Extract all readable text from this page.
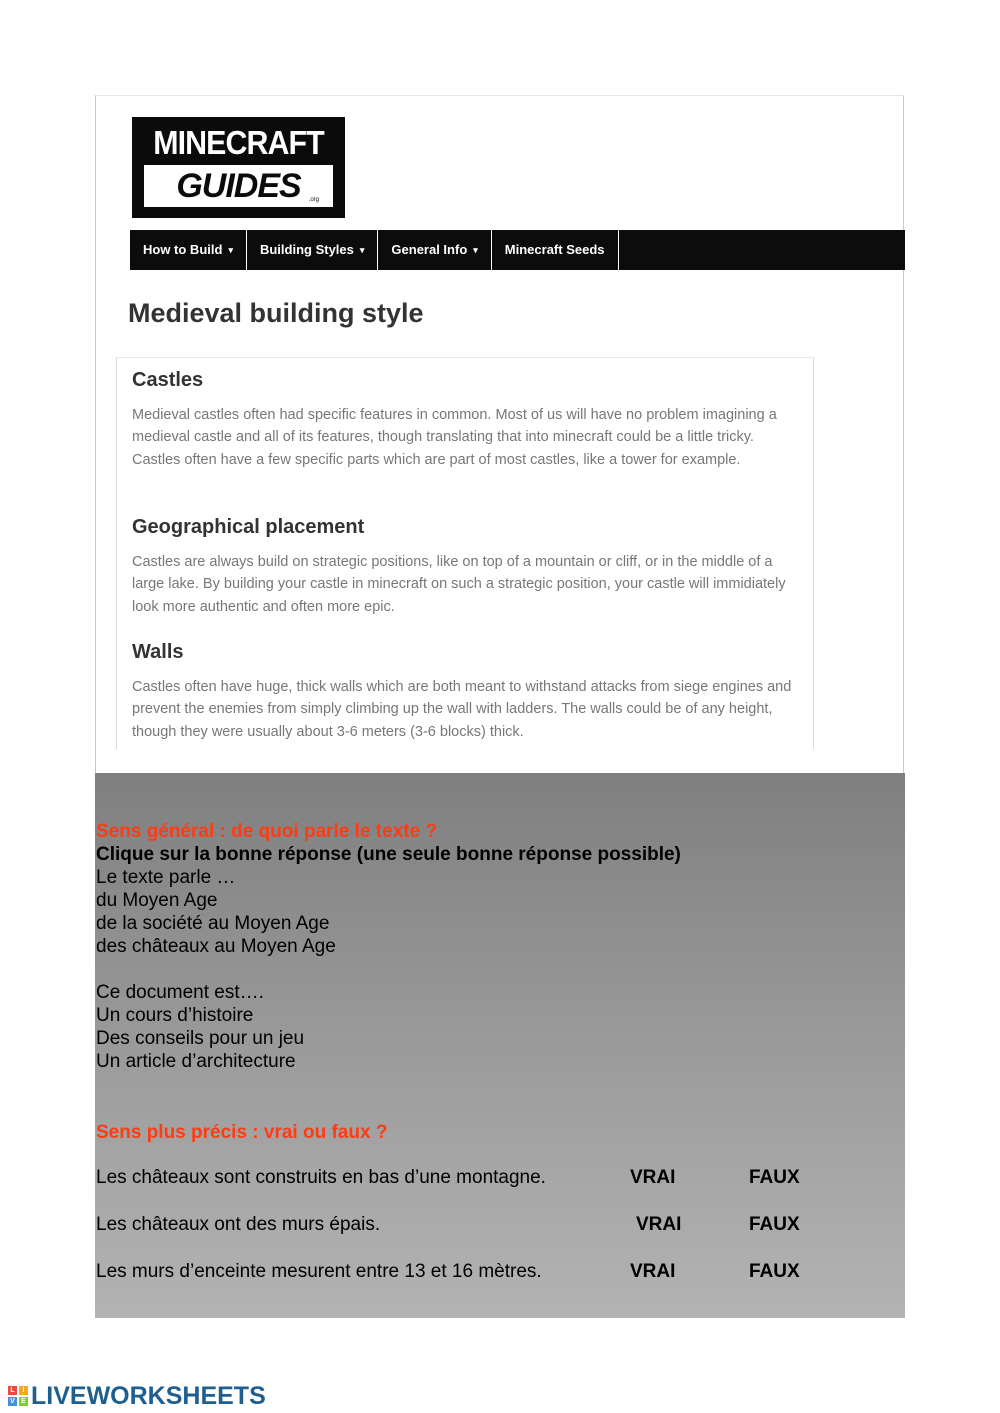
MINECRAFT
GUIDES .org
How to Build ▾	Building Styles ▾	General Info ▾	Minecraft Seeds
Medieval building style
Castles

Medieval castles often had specific features in common. Most of us will have no problem imagining a medieval castle and all of its features, though translating that into minecraft could be a little tricky. Castles often have a few specific parts which are part of most castles, like a tower for example.

Geographical placement

Castles are always build on strategic positions, like on top of a mountain or cliff, or in the middle of a large lake. By building your castle in minecraft on such a strategic position, your castle will immidiately look more authentic and often more epic.

Walls

Castles often have huge, thick walls which are both meant to withstand attacks from siege engines and prevent the enemies from simply climbing up the wall with ladders. The walls could be of any height, though they were usually about 3-6 meters (3-6 blocks) thick.

Sens général : de quoi parle le texte ?
Clique sur la bonne réponse (une seule bonne réponse possible)
Le texte parle …
du Moyen Age
de la société au Moyen Age
des châteaux au Moyen Age
Ce document est….
Un cours d’histoire
Des conseils pour un jeu
Un article d’architecture
Sens plus précis : vrai ou faux ?
Les châteaux sont construits en bas d’une montagne.	VRAI	FAUX
Les châteaux ont des murs épais.	VRAI	FAUX
Les murs d’enceinte mesurent entre 13 et 16 mètres.	VRAI	FAUX
L	I
V E LIVEWORKSHEETS
